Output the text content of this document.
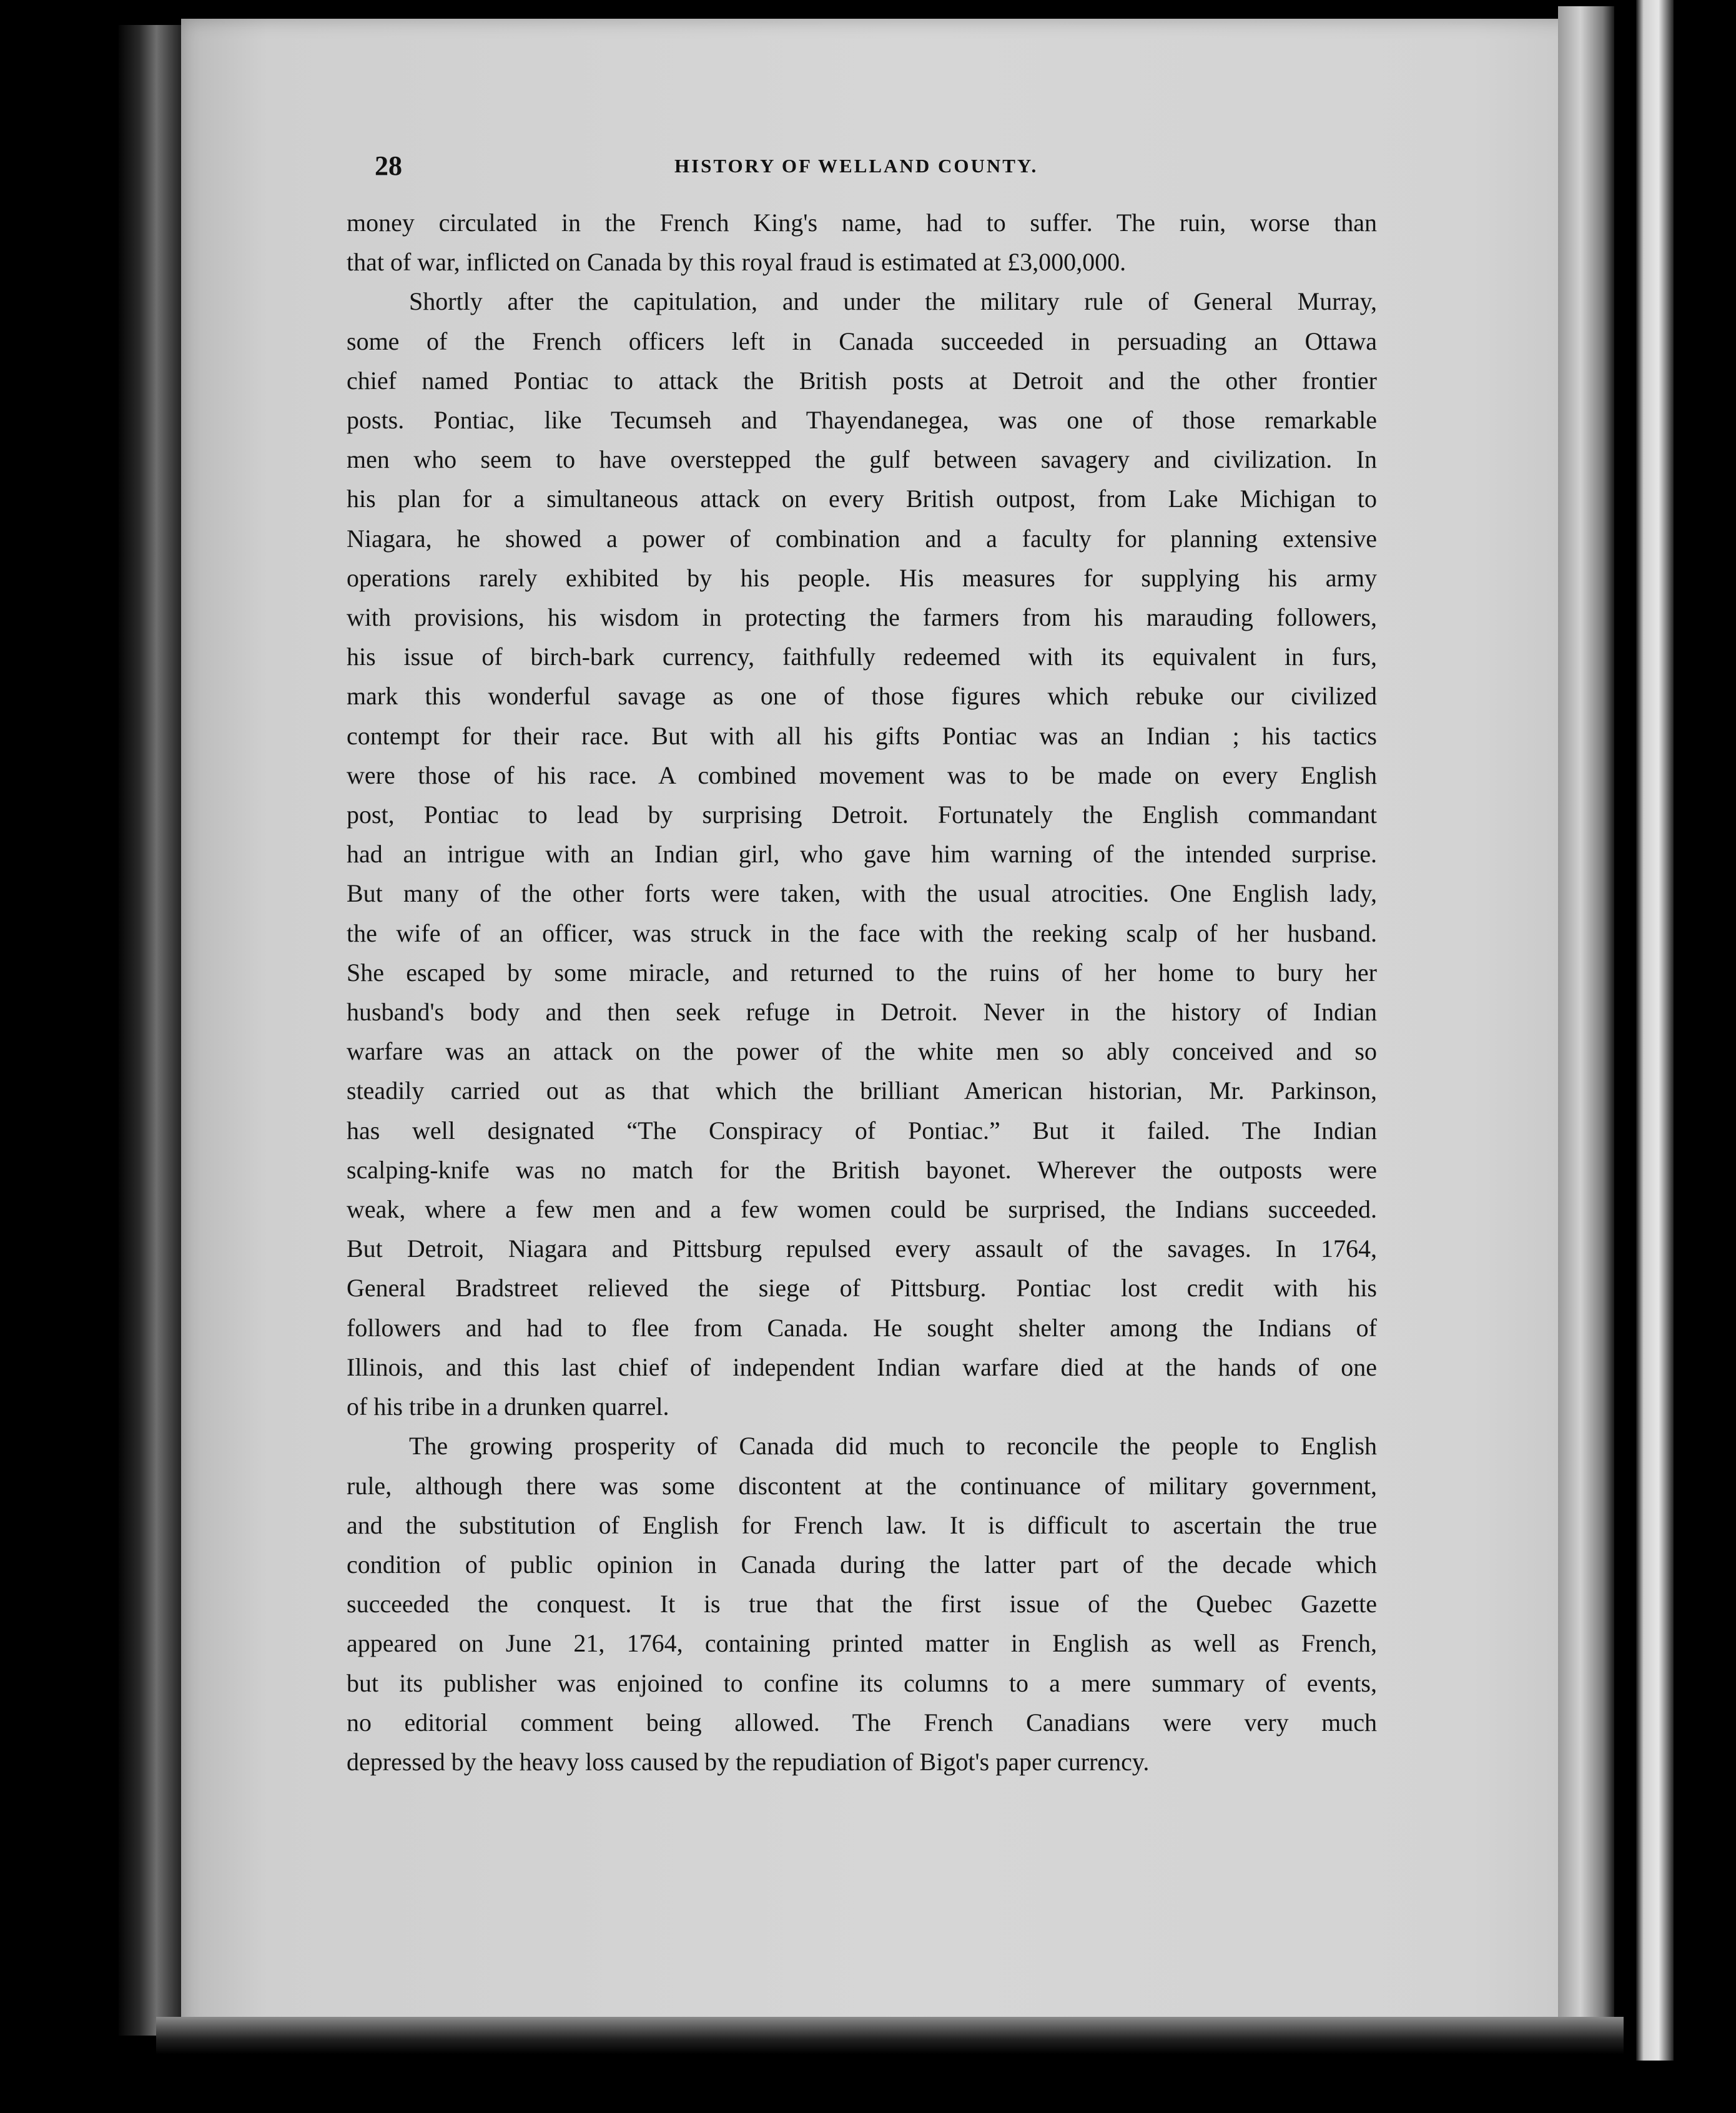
28	HISTORY OF WELLAND COUNTY.

money circulated in the French King's name, had to suffer. The ruin, worse than
that of war, inflicted on Canada by this royal fraud is estimated at £3,000,000.

Shortly after the capitulation, and under the military rule of General Murray,
some of the French officers left in Canada succeeded in persuading an Ottawa
chief named Pontiac to attack the British posts at Detroit and the other frontier
posts. Pontiac, like Tecumseh and Thayendanegea, was one of those remarkable
men who seem to have overstepped the gulf between savagery and civilization. In
his plan for a simultaneous attack on every British outpost, from Lake Michigan to
Niagara, he showed a power of combination and a faculty for planning extensive
operations rarely exhibited by his people. His measures for supplying his army
with provisions, his wisdom in protecting the farmers from his marauding followers,
his issue of birch-bark currency, faithfully redeemed with its equivalent in furs,
mark this wonderful savage as one of those figures which rebuke our civilized
contempt for their race. But with all his gifts Pontiac was an Indian ; his tactics
were those of his race. A combined movement was to be made on every English
post, Pontiac to lead by surprising Detroit. Fortunately the English commandant
had an intrigue with an Indian girl, who gave him warning of the intended surprise.
But many of the other forts were taken, with the usual atrocities. One English lady,
the wife of an officer, was struck in the face with the reeking scalp of her husband.
She escaped by some miracle, and returned to the ruins of her home to bury her
husband's body and then seek refuge in Detroit. Never in the history of Indian
warfare was an attack on the power of the white men so ably conceived and so
steadily carried out as that which the brilliant American historian, Mr. Parkinson,
has well designated “The Conspiracy of Pontiac.” But it failed. The Indian
scalping-knife was no match for the British bayonet. Wherever the outposts were
weak, where a few men and a few women could be surprised, the Indians succeeded.
But Detroit, Niagara and Pittsburg repulsed every assault of the savages. In 1764,
General Bradstreet relieved the siege of Pittsburg. Pontiac lost credit with his
followers and had to flee from Canada. He sought shelter among the Indians of
Illinois, and this last chief of independent Indian warfare died at the hands of one
of his tribe in a drunken quarrel.

The growing prosperity of Canada did much to reconcile the people to English
rule, although there was some discontent at the continuance of military government,
and the substitution of English for French law. It is difficult to ascertain the true
condition of public opinion in Canada during the latter part of the decade which
succeeded the conquest. It is true that the first issue of the Quebec Gazette
appeared on June 21, 1764, containing printed matter in English as well as French,
but its publisher was enjoined to confine its columns to a mere summary of events,
no editorial comment being allowed. The French Canadians were very much
depressed by the heavy loss caused by the repudiation of Bigot's paper currency.
